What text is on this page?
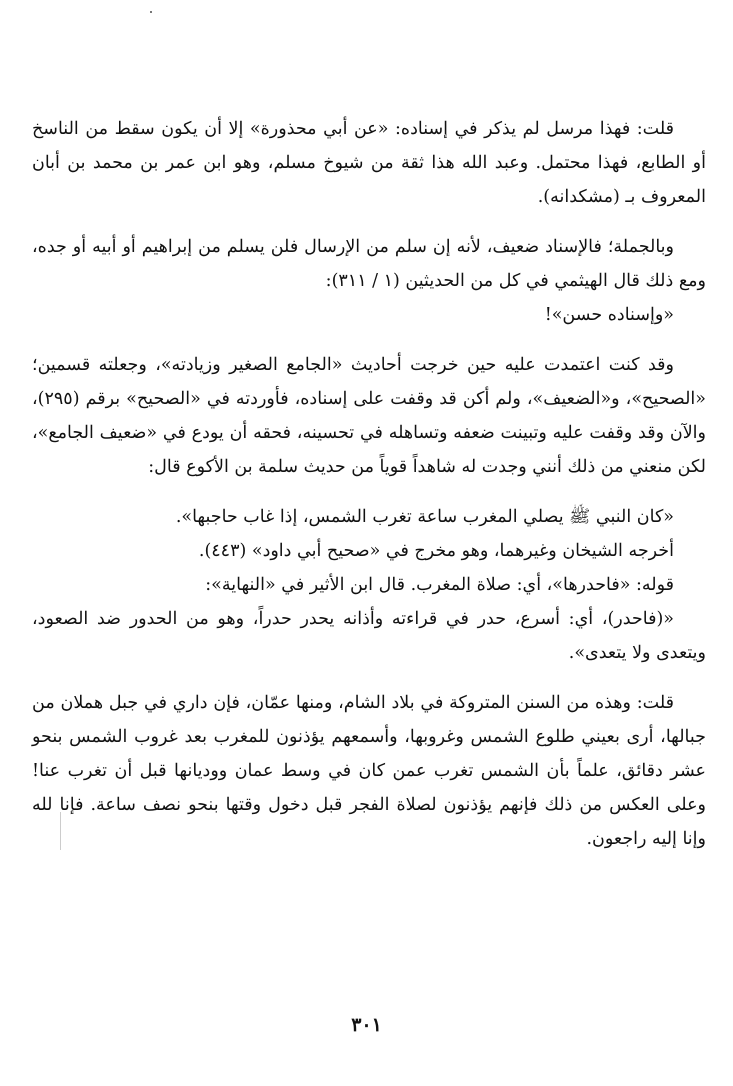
قلت: فهذا مرسل لم يذكر في إسناده: «عن أبي محذورة» إلا أن يكون سقط من الناسخ أو الطابع، فهذا محتمل. وعبد الله هذا ثقة من شيوخ مسلم، وهو ابن عمر بن محمد بن أبان المعروف بـ (مشكدانه).

وبالجملة؛ فالإسناد ضعيف، لأنه إن سلم من الإرسال فلن يسلم من إبراهيم أو أبيه أو جده، ومع ذلك قال الهيثمي في كل من الحديثين (١ / ٣١١):

«وإسناده حسن»!

وقد كنت اعتمدت عليه حين خرجت أحاديث «الجامع الصغير وزيادته»، وجعلته قسمين؛ «الصحيح»، و«الضعيف»، ولم أكن قد وقفت على إسناده، فأوردته في «الصحيح» برقم (٢٩٥)، والآن وقد وقفت عليه وتبينت ضعفه وتساهله في تحسينه، فحقه أن يودع في «ضعيف الجامع»، لكن منعني من ذلك أنني وجدت له شاهداً قوياً من حديث سلمة بن الأكوع قال:

«كان النبي ﷺ يصلي المغرب ساعة تغرب الشمس، إذا غاب حاجبها».

أخرجه الشيخان وغيرهما، وهو مخرج في «صحيح أبي داود» (٤٤٣).

قوله: «فاحدرها»، أي: صلاة المغرب. قال ابن الأثير في «النهاية»:

«(فاحدر)، أي: أسرع، حدر في قراءته وأذانه يحدر حدراً، وهو من الحدور ضد الصعود، ويتعدى ولا يتعدى».

قلت: وهذه من السنن المتروكة في بلاد الشام، ومنها عمّان، فإن داري في جبل هملان من جبالها، أرى بعيني طلوع الشمس وغروبها، وأسمعهم يؤذنون للمغرب بعد غروب الشمس بنحو عشر دقائق، علماً بأن الشمس تغرب عمن كان في وسط عمان ووديانها قبل أن تغرب عنا! وعلى العكس من ذلك فإنهم يؤذنون لصلاة الفجر قبل دخول وقتها بنحو نصف ساعة. فإنا لله وإنا إليه راجعون.

٣٠١
